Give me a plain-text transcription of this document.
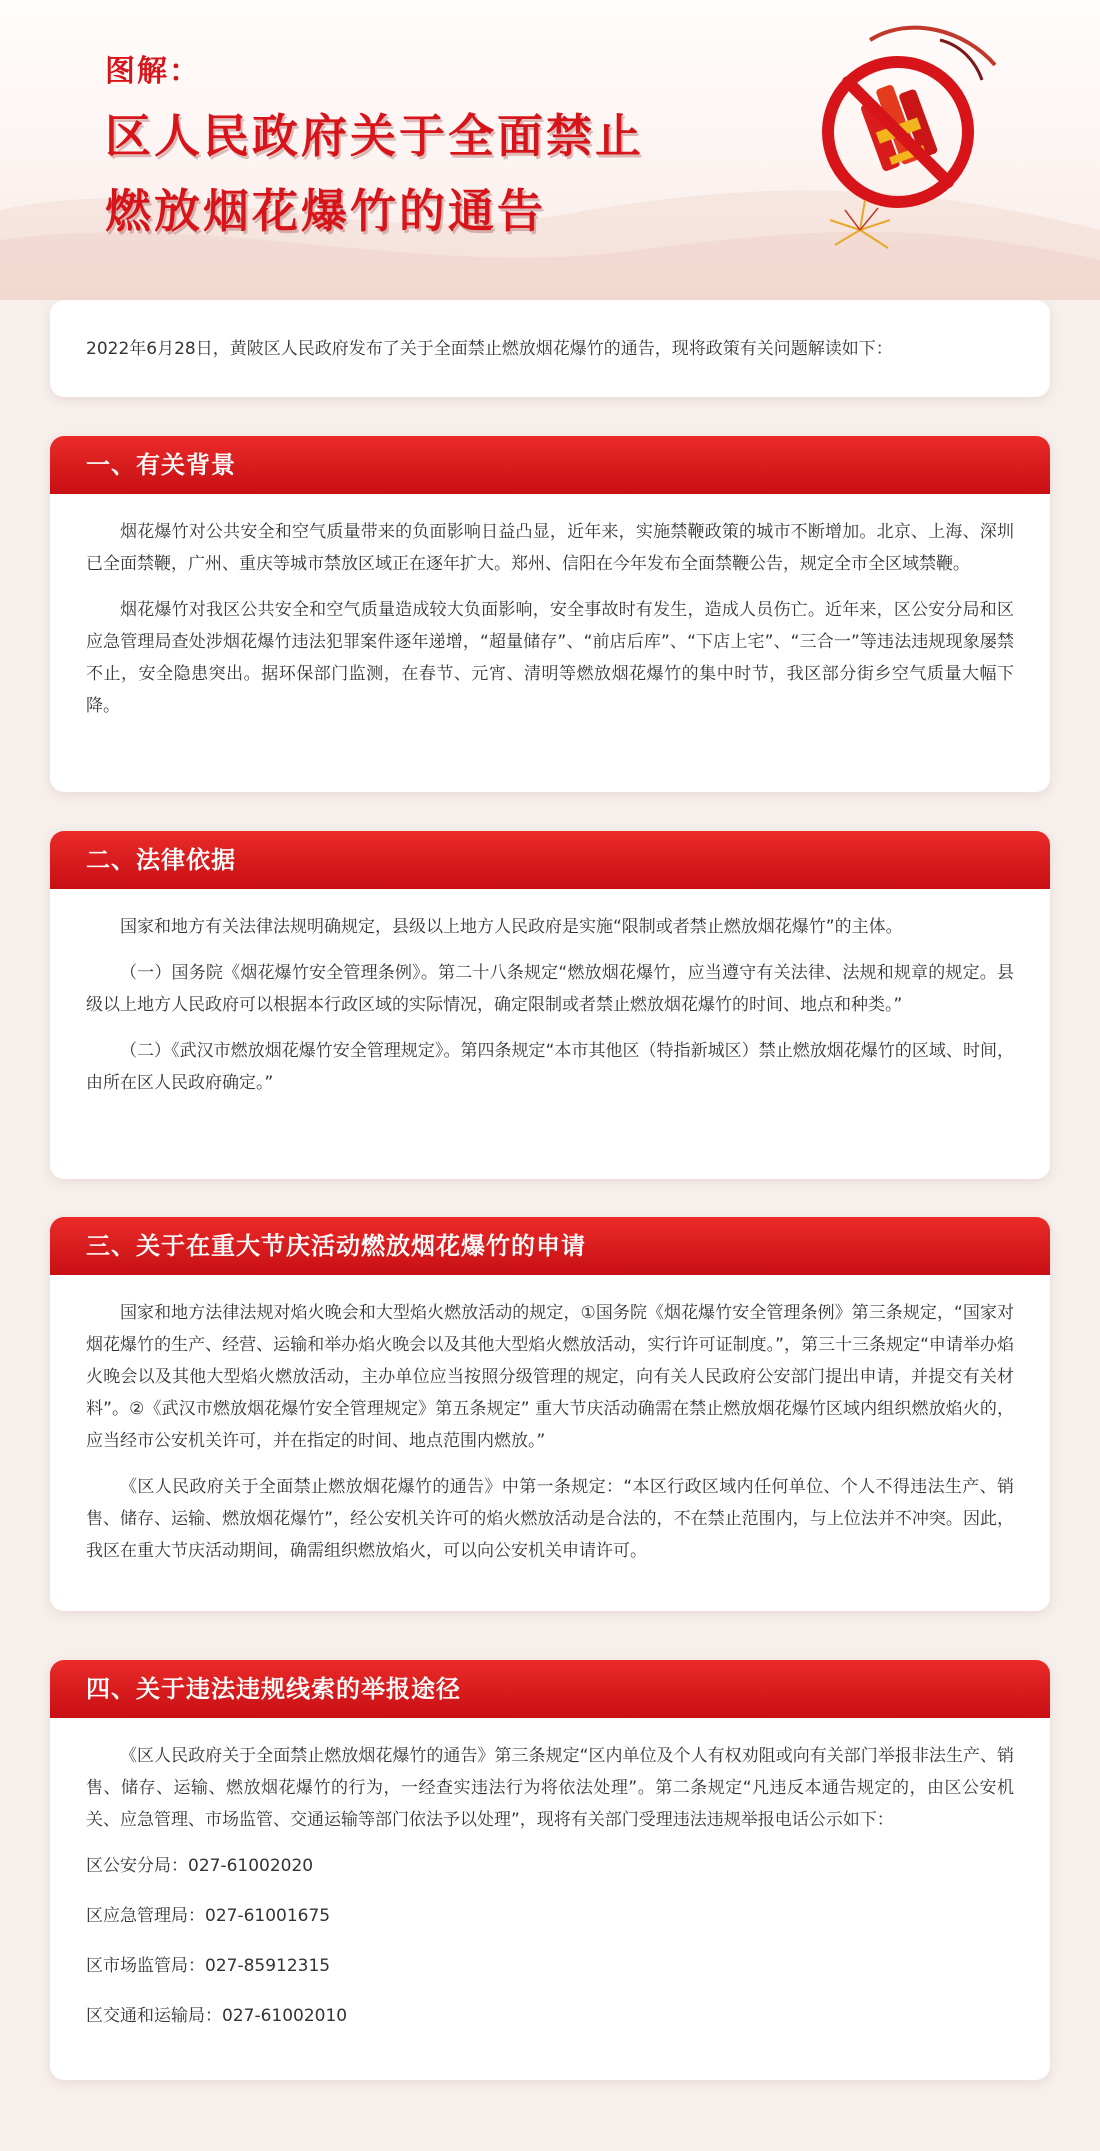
图解：
区人民政府关于全面禁止
燃放烟花爆竹的通告
2022年6月28日，黄陂区人民政府发布了关于全面禁止燃放烟花爆竹的通告，现将政策有关问题解读如下：
一、有关背景

烟花爆竹对公共安全和空气质量带来的负面影响日益凸显，近年来，实施禁鞭政策的城市不断增加。北京、上海、深圳已全面禁鞭，广州、重庆等城市禁放区域正在逐年扩大。郑州、信阳在今年发布全面禁鞭公告，规定全市全区域禁鞭。

烟花爆竹对我区公共安全和空气质量造成较大负面影响，安全事故时有发生，造成人员伤亡。近年来，区公安分局和区应急管理局查处涉烟花爆竹违法犯罪案件逐年递增，“超量储存”、“前店后库”、“下店上宅”、“三合一”等违法违规现象屡禁不止，安全隐患突出。据环保部门监测，在春节、元宵、清明等燃放烟花爆竹的集中时节，我区部分街乡空气质量大幅下降。

二、法律依据

国家和地方有关法律法规明确规定，县级以上地方人民政府是实施“限制或者禁止燃放烟花爆竹”的主体。

（一）国务院《烟花爆竹安全管理条例》。第二十八条规定“燃放烟花爆竹，应当遵守有关法律、法规和规章的规定。县级以上地方人民政府可以根据本行政区域的实际情况，确定限制或者禁止燃放烟花爆竹的时间、地点和种类。”

（二）《武汉市燃放烟花爆竹安全管理规定》。第四条规定“本市其他区（特指新城区）禁止燃放烟花爆竹的区域、时间，由所在区人民政府确定。”

三、关于在重大节庆活动燃放烟花爆竹的申请

国家和地方法律法规对焰火晚会和大型焰火燃放活动的规定，①国务院《烟花爆竹安全管理条例》第三条规定，“国家对烟花爆竹的生产、经营、运输和举办焰火晚会以及其他大型焰火燃放活动，实行许可证制度。”，第三十三条规定“申请举办焰火晚会以及其他大型焰火燃放活动，主办单位应当按照分级管理的规定，向有关人民政府公安部门提出申请，并提交有关材料”。②《武汉市燃放烟花爆竹安全管理规定》第五条规定” 重大节庆活动确需在禁止燃放烟花爆竹区域内组织燃放焰火的，应当经市公安机关许可，并在指定的时间、地点范围内燃放。”

《区人民政府关于全面禁止燃放烟花爆竹的通告》中第一条规定：“本区行政区域内任何单位、个人不得违法生产、销售、储存、运输、燃放烟花爆竹”，经公安机关许可的焰火燃放活动是合法的，不在禁止范围内，与上位法并不冲突。因此，我区在重大节庆活动期间，确需组织燃放焰火，可以向公安机关申请许可。

四、关于违法违规线索的举报途径

《区人民政府关于全面禁止燃放烟花爆竹的通告》第三条规定“区内单位及个人有权劝阻或向有关部门举报非法生产、销售、储存、运输、燃放烟花爆竹的行为，一经查实违法行为将依法处理”。第二条规定“凡违反本通告规定的，由区公安机关、应急管理、市场监管、交通运输等部门依法予以处理”，现将有关部门受理违法违规举报电话公示如下：

区公安分局：027-61002020

区应急管理局：027-61001675

区市场监管局：027-85912315

区交通和运输局：027-61002010
